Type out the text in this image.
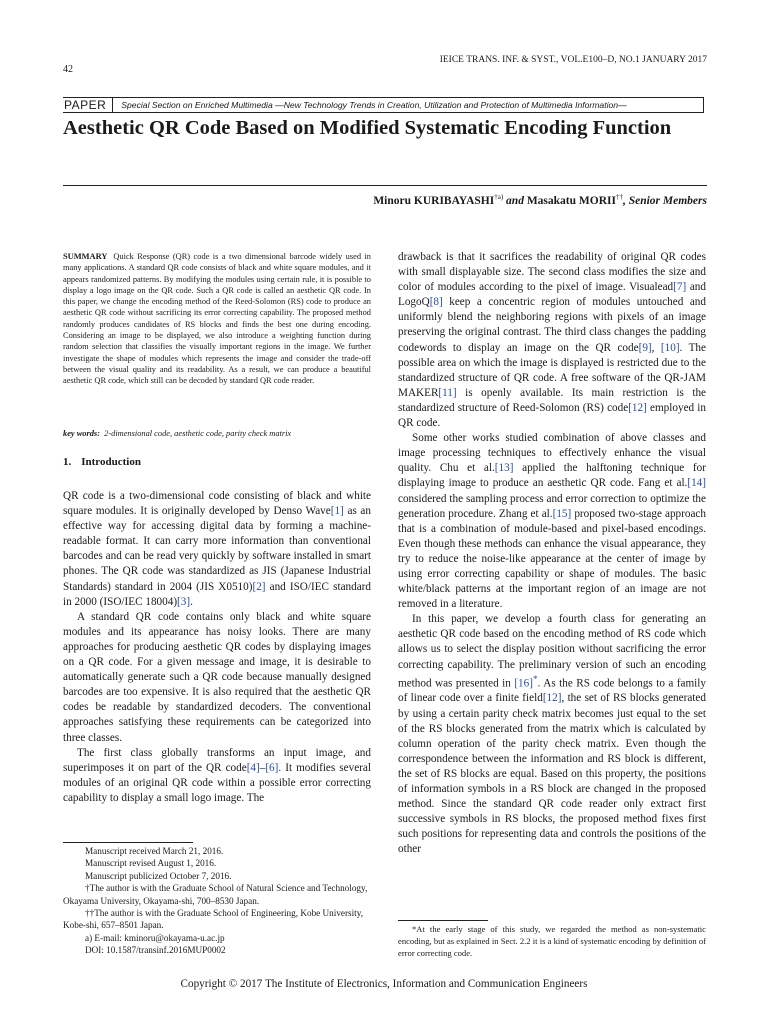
42
IEICE TRANS. INF. & SYST., VOL.E100–D, NO.1 JANUARY 2017
PAPER	Special Section on Enriched Multimedia —New Technology Trends in Creation, Utilization and Protection of Multimedia Information—
Aesthetic QR Code Based on Modified Systematic Encoding Function
Minoru KURIBAYASHI$^{\dagger a)}$ and Masakatu MORII††, Senior Members
SUMMARY Quick Response (QR) code is a two dimensional barcode widely used in many applications. A standard QR code consists of black and white square modules, and it appears randomized patterns. By modifying the modules using certain rule, it is possible to display a logo image on the QR code. Such a QR code is called an aesthetic QR code. In this paper, we change the encoding method of the Reed-Solomon (RS) code to produce an aesthetic QR code without sacrificing its error correcting capability. The proposed method randomly produces candidates of RS blocks and finds the best one during encoding. Considering an image to be displayed, we also introduce a weighting function during random selection that classifies the visually important regions in the image. We further investigate the shape of modules which represents the image and consider the trade-off between the visual quality and its readability. As a result, we can produce a beautiful aesthetic QR code, which still can be decoded by standard QR code reader.
key words: 2-dimensional code, aesthetic code, parity check matrix
1. Introduction

QR code is a two-dimensional code consisting of black and white square modules. It is originally developed by Denso Wave[1] as an effective way for accessing digital data by forming a machine-readable format. It can carry more information than conventional barcodes and can be read very quickly by software installed in smart phones. The QR code was standardized as JIS (Japanese Industrial Standards) standard in 2004 (JIS X0510)[2] and ISO/IEC standard in 2000 (ISO/IEC 18004)[3].

A standard QR code contains only black and white square modules and its appearance has noisy looks. There are many approaches for producing aesthetic QR codes by displaying images on a QR code. For a given message and image, it is desirable to automatically generate such a QR code because manually designed barcodes are too expensive. It is also required that the aesthetic QR codes be readable by standardized decoders. The conventional approaches satisfying these requirements can be categorized into three classes.

The first class globally transforms an input image, and superimposes it on part of the QR code[4]–[6]. It modifies several modules of an original QR code within a possible error correcting capability to display a small logo image. The

Manuscript received March 21, 2016.
Manuscript revised August 1, 2016.
Manuscript publicized October 7, 2016.
†The author is with the Graduate School of Natural Science and Technology, Okayama University, Okayama-shi, 700–8530 Japan.
††The author is with the Graduate School of Engineering, Kobe University, Kobe-shi, 657–8501 Japan.
a) E-mail: kminoru@okayama-u.ac.jp
DOI: 10.1587/transinf.2016MUP0002

drawback is that it sacrifices the readability of original QR codes with small displayable size. The second class modifies the size and color of modules according to the pixel of image. Visualead[7] and LogoQ[8] keep a concentric region of modules untouched and uniformly blend the neighboring regions with pixels of an image preserving the original contrast. The third class changes the padding codewords to display an image on the QR code[9], [10]. The possible area on which the image is displayed is restricted due to the standardized structure of QR code. A free software of the QR-JAM MAKER[11] is openly available. Its main restriction is the standardized structure of Reed-Solomon (RS) code[12] employed in QR code.

Some other works studied combination of above classes and image processing techniques to effectively enhance the visual quality. Chu et al.[13] applied the halftoning technique for displaying image to produce an aesthetic QR code. Fang et al.[14] considered the sampling process and error correction to optimize the generation procedure. Zhang et al.[15] proposed two-stage approach that is a combination of module-based and pixel-based encodings. Even though these methods can enhance the visual appearance, they try to reduce the noise-like appearance at the center of image by using error correcting capability or shape of modules. The basic white/black patterns at the important region of an image are not removed in a literature.

In this paper, we develop a fourth class for generating an aesthetic QR code based on the encoding method of RS code which allows us to select the display position without sacrificing the error correcting capability. The preliminary version of such an encoding method was presented in [16]*. As the RS code belongs to a family of linear code over a finite field[12], the set of RS blocks generated by using a certain parity check matrix becomes just equal to the set of the RS blocks generated from the matrix which is calculated by column operation of the parity check matrix. Even though the correspondence between the information and RS block is different, the set of RS blocks are equal. Based on this property, the positions of information symbols in a RS block are changed in the proposed method. Since the standard QR code reader only extract first successive symbols in RS blocks, the proposed method fixes first such positions for representing data and controls the positions of the other

*At the early stage of this study, we regarded the method as non-systematic encoding, but as explained in Sect. 2.2 it is a kind of systematic encoding by definition of error correcting code.

Copyright © 2017 The Institute of Electronics, Information and Communication Engineers
